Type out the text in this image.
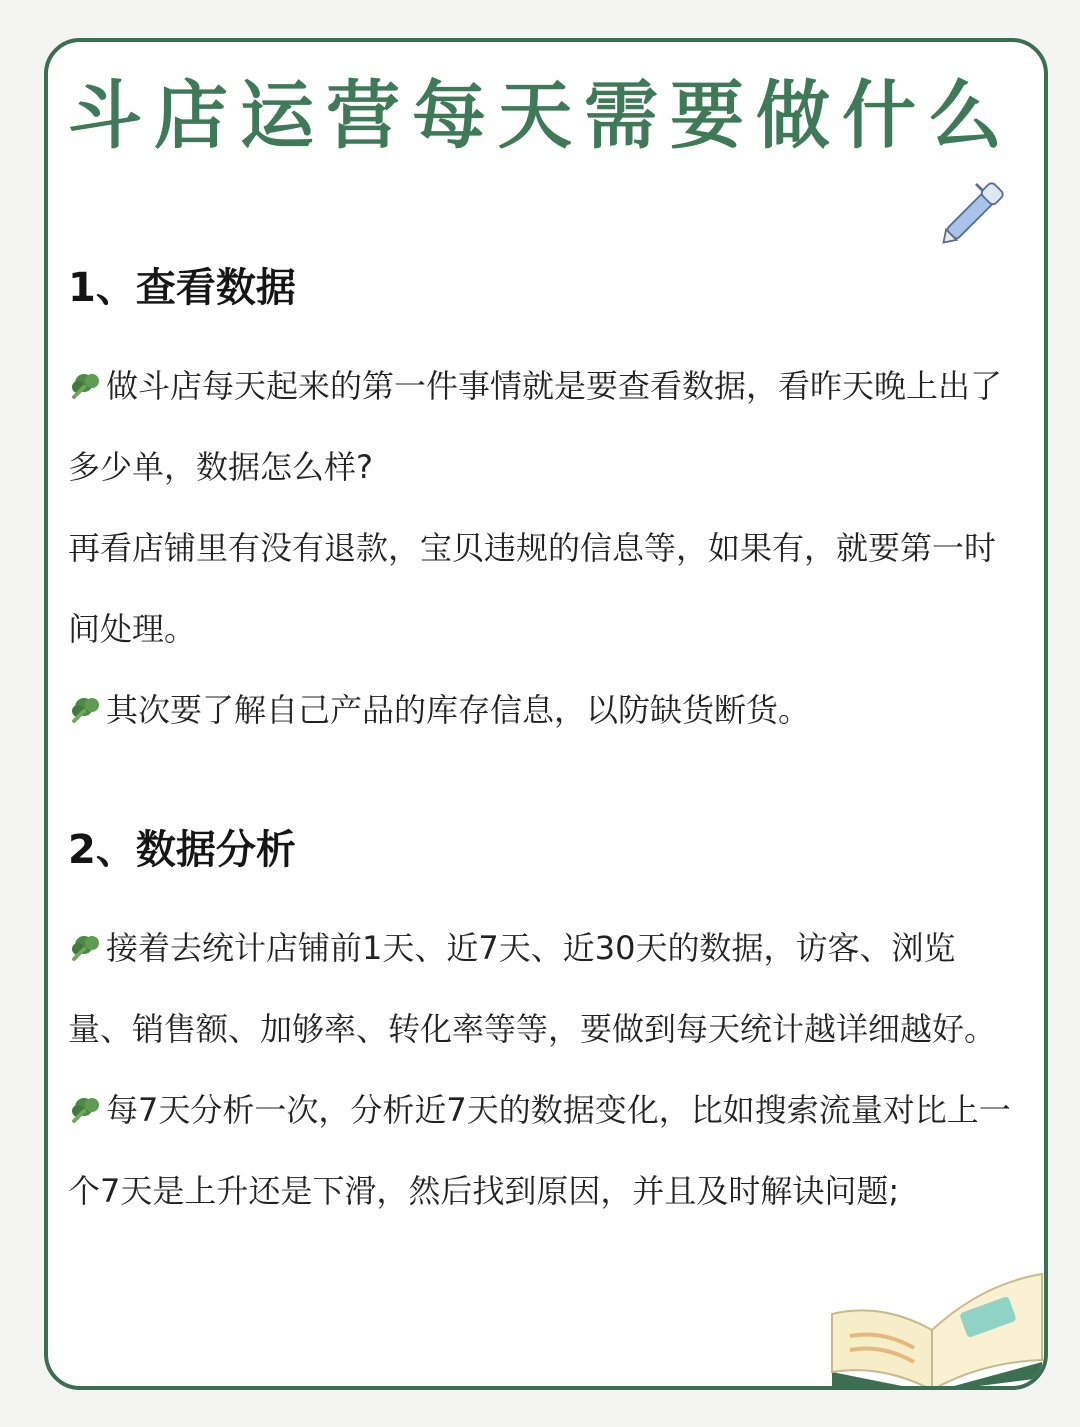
斗店运营每天需要做什么
1、查看数据

做斗店每天起来的第一件事情就是要查看数据，看昨天晚上出了多少单，数据怎么样?

再看店铺里有没有退款，宝贝违规的信息等，如果有，就要第一时间处理。

其次要了解自己产品的库存信息，以防缺货断货。

2、数据分析

接着去统计店铺前1天、近7天、近30天的数据，访客、浏览量、销售额、加够率、转化率等等，要做到每天统计越详细越好。

每7天分析一次，分析近7天的数据变化，比如搜索流量对比上一个7天是上升还是下滑，然后找到原因，并且及时解诀问题;
